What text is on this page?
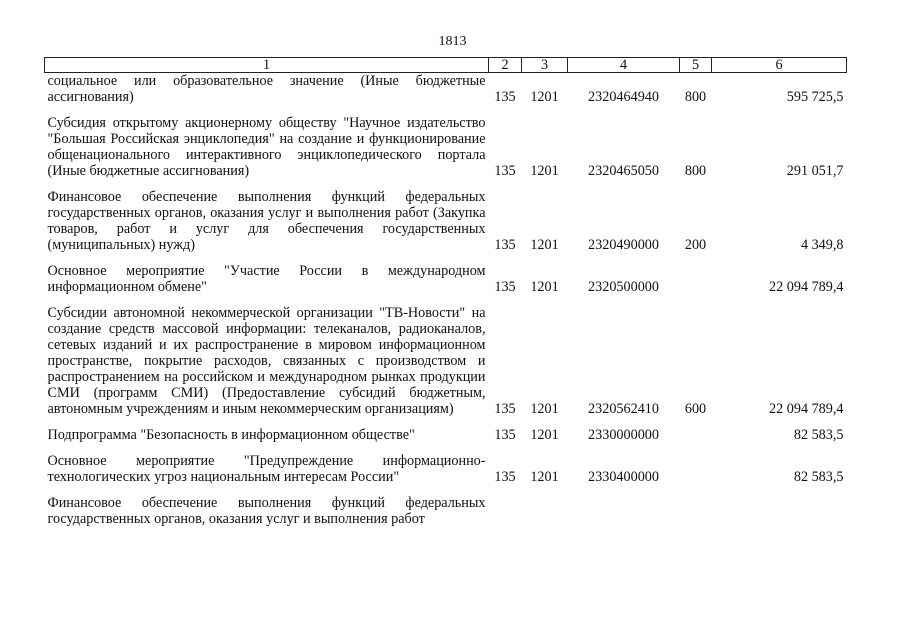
1813
1	2	3	4	5	6
социальное или образовательное значение (Иные бюджетные ассигнования)	135	1201	2320464940	800	595 725,5
Субсидия открытому акционерному обществу "Научное издательство "Большая Российская энциклопедия" на создание и функционирование общенационального интерактивного энциклопедического портала (Иные бюджетные ассигнования)	135	1201	2320465050	800	291 051,7
Финансовое обеспечение выполнения функций федеральных государственных органов, оказания услуг и выполнения работ (Закупка товаров, работ и услуг для обеспечения государственных (муниципальных) нужд)	135	1201	2320490000	200	4 349,8
Основное мероприятие "Участие России в международном информационном обмене"	135	1201	2320500000		22 094 789,4
Субсидии автономной некоммерческой организации "ТВ-Новости" на создание средств массовой информации: телеканалов, радиоканалов, сетевых изданий и их распространение в мировом информационном пространстве, покрытие расходов, связанных с производством и распространением на российском и международном рынках продукции СМИ (программ СМИ) (Предоставление субсидий бюджетным, автономным учреждениям и иным некоммерческим организациям)	135	1201	2320562410	600	22 094 789,4
Подпрограмма "Безопасность в информационном обществе"	135	1201	2330000000		82 583,5
Основное мероприятие "Предупреждение информационно-технологических угроз национальным интересам России"	135	1201	2330400000		82 583,5
Финансовое обеспечение выполнения функций федеральных государственных органов, оказания услуг и выполнения работ					
